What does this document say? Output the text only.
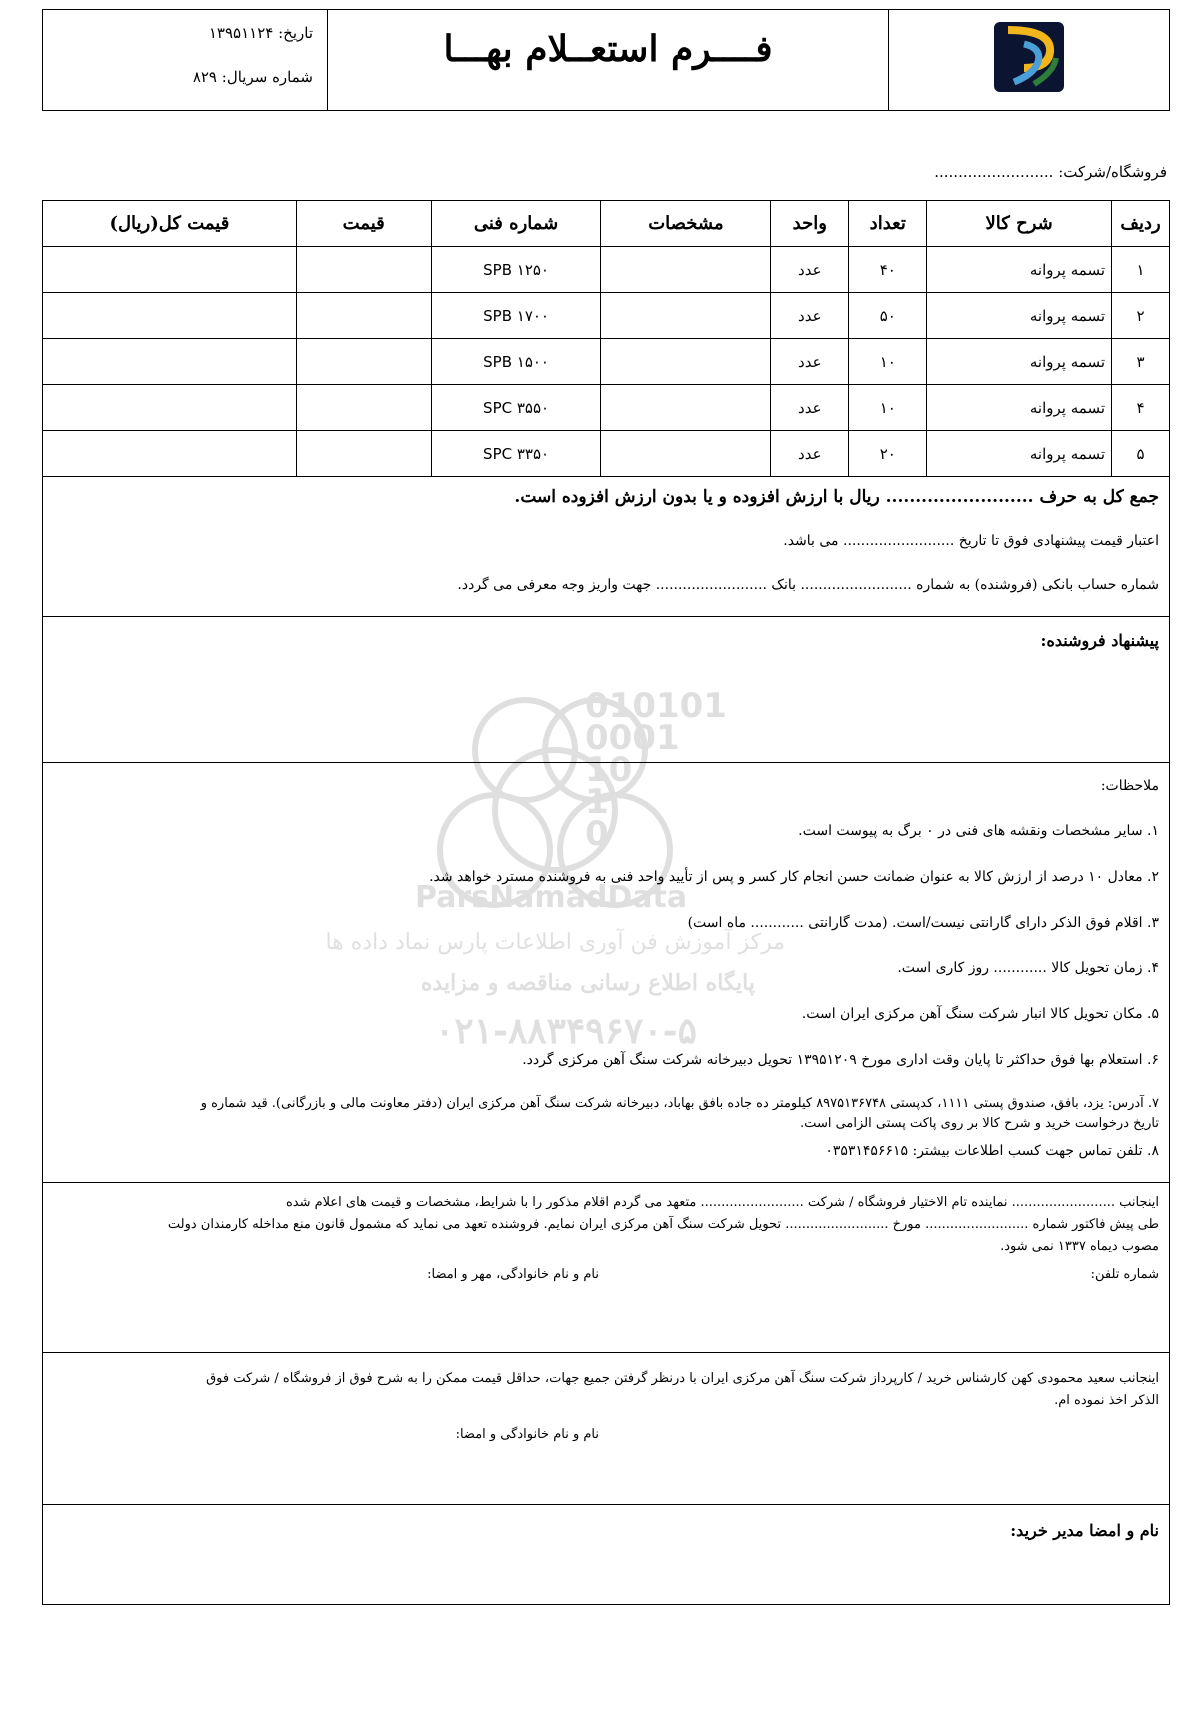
فــــرم استعــلام بهـــا
تاریخ: ۱۳۹۵۱۱۲۴
شماره سریال: ۸۲۹
فروشگاه/شرکت: .........................
ردیف	شرح کالا	تعداد	واحد	مشخصات	شماره فنی	قیمت	قیمت کل(ریال)
۱	تسمه پروانه	۴۰	عدد		SPB ۱۲۵۰		
۲	تسمه پروانه	۵۰	عدد		SPB ۱۷۰۰		
۳	تسمه پروانه	۱۰	عدد		SPB ۱۵۰۰		
۴	تسمه پروانه	۱۰	عدد		SPC ۳۵۵۰		
۵	تسمه پروانه	۲۰	عدد		SPC ۳۳۵۰		
جمع کل به حرف ......................... ریال با ارزش افزوده و یا بدون ارزش افزوده است.
اعتبار قیمت پیشنهادی فوق تا تاریخ ......................... می باشد.
شماره حساب بانکی (فروشنده) به شماره ......................... بانک ......................... جهت واریز وجه معرفی می گردد.
پیشنهاد فروشنده:
ملاحظات:
۱. سایر مشخصات ونقشه های فنی در ۰ برگ به پیوست است.
۲. معادل ۱۰ درصد از ارزش کالا به عنوان ضمانت حسن انجام کار کسر و پس از تأیید واحد فنی به فروشنده مسترد خواهد شد.
۳. اقلام فوق الذکر دارای گارانتی نیست/است. (مدت گارانتی ............ ماه است)
۴. زمان تحویل کالا ............ روز کاری است.
۵. مکان تحویل کالا انبار شرکت سنگ آهن مرکزی ایران است.
۶. استعلام بها فوق حداکثر تا پایان وقت اداری مورخ ۱۳۹۵۱۲۰۹ تحویل دبیرخانه شرکت سنگ آهن مرکزی گردد.
۷. آدرس: یزد، بافق، صندوق پستی ۱۱۱۱، کدپستی ۸۹۷۵۱۳۶۷۴۸ کیلومتر ده جاده بافق بهاباد، دبیرخانه شرکت سنگ آهن مرکزی ایران (دفتر معاونت مالی و بازرگانی). قید شماره و
تاریخ درخواست خرید و شرح کالا بر روی پاکت پستی الزامی است.
۸. تلفن تماس جهت کسب اطلاعات بیشتر: ۰۳۵۳۱۴۵۶۶۱۵
اینجانب ......................... نماینده تام الاختیار فروشگاه / شرکت ......................... متعهد می گردم اقلام مذکور را با شرایط، مشخصات و قیمت های اعلام شده
طی پیش فاکتور شماره ......................... مورخ ......................... تحویل شرکت سنگ آهن مرکزی ایران نمایم. فروشنده تعهد می نماید که مشمول قانون منع مداخله کارمندان دولت
مصوب دیماه ۱۳۳۷ نمی شود.
شماره تلفن:
نام و نام خانوادگی، مهر و امضا:
اینجانب سعید محمودی کهن کارشناس خرید / کارپرداز شرکت سنگ آهن مرکزی ایران با درنظر گرفتن جمیع جهات، حداقل قیمت ممکن را به شرح فوق از فروشگاه / شرکت فوق
الذکر اخذ نموده ام.
نام و نام خانوادگی و امضا:
نام و امضا مدیر خرید:
010101
0001
10
1
0
ParsNamadData
مرکز آموزش فن آوری اطلاعات پارس نماد داده ها
پایگاه اطلاع رسانی مناقصه و مزایده
۰۲۱-۸۸۳۴۹۶۷۰-۵
